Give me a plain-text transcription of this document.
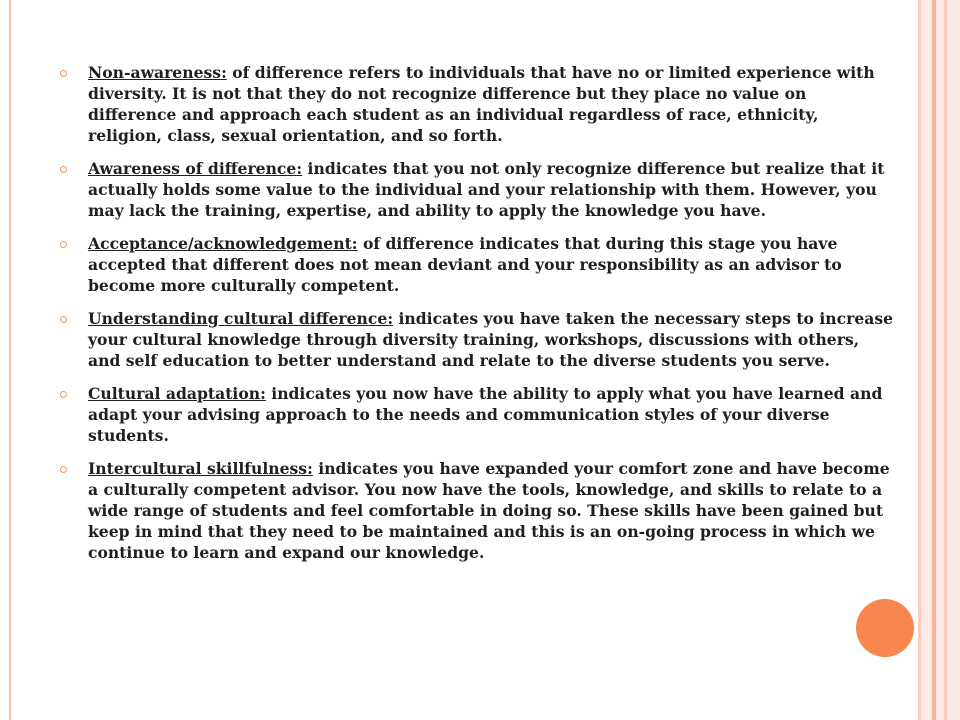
Non-awareness: of difference refers to individuals that have no or limited experience with diversity. It is not that they do not recognize difference but they place no value on difference and approach each student as an individual regardless of race, ethnicity, religion, class, sexual orientation, and so forth.
Awareness of difference: indicates that you not only recognize difference but realize that it actually holds some value to the individual and your relationship with them. However, you may lack the training, expertise, and ability to apply the knowledge you have.
Acceptance/acknowledgement: of difference indicates that during this stage you have accepted that different does not mean deviant and your responsibility as an advisor to become more culturally competent.
Understanding cultural difference: indicates you have taken the necessary steps to increase your cultural knowledge through diversity training, workshops, discussions with others, and self education to better understand and relate to the diverse students you serve.
Cultural adaptation: indicates you now have the ability to apply what you have learned and adapt your advising approach to the needs and communication styles of your diverse students.
Intercultural skillfulness: indicates you have expanded your comfort zone and have become a culturally competent advisor. You now have the tools, knowledge, and skills to relate to a wide range of students and feel comfortable in doing so. These skills have been gained but keep in mind that they need to be maintained and this is an on-going process in which we continue to learn and expand our knowledge.
